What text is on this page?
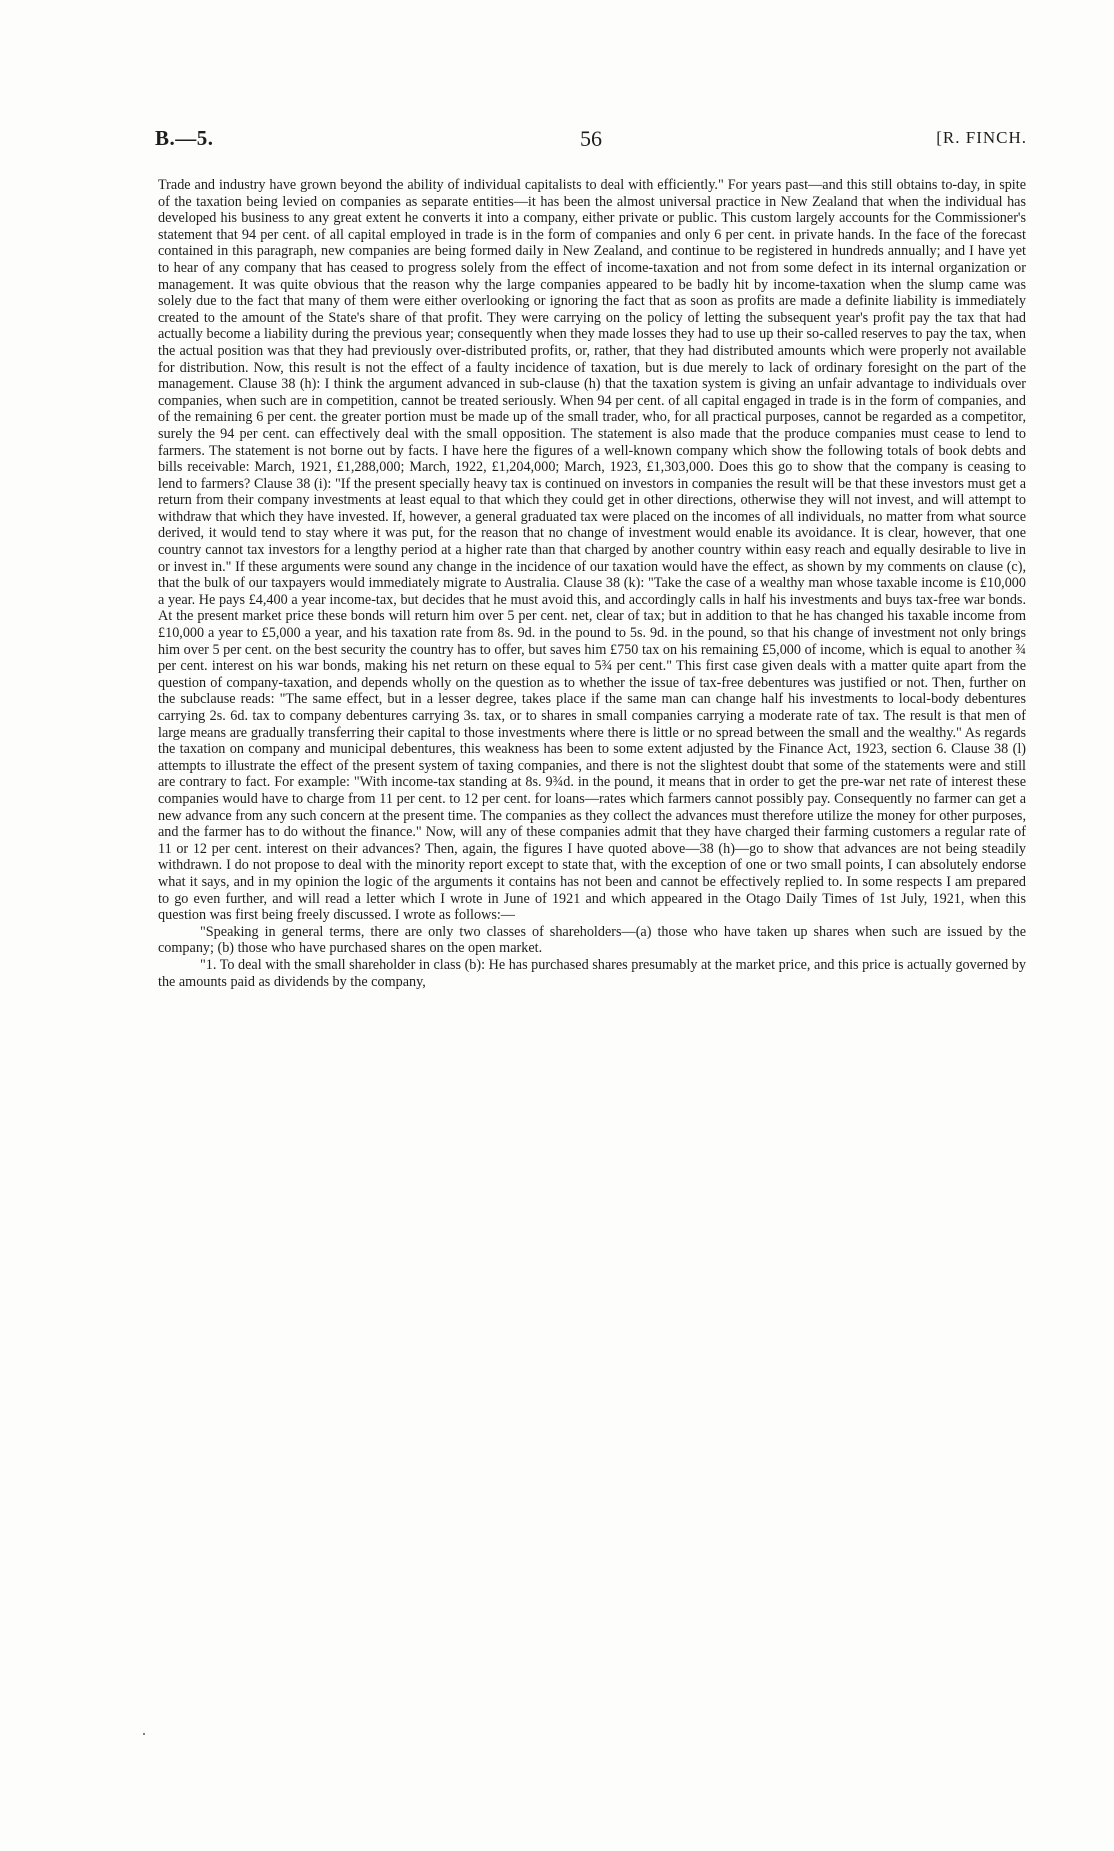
56
B.—5.	[R. FINCH.

Trade and industry have grown beyond the ability of individual capitalists to deal with efficiently." For years past—and this still obtains to-day, in spite of the taxation being levied on companies as separate entities—it has been the almost universal practice in New Zealand that when the individual has developed his business to any great extent he converts it into a company, either private or public. This custom largely accounts for the Commissioner's statement that 94 per cent. of all capital employed in trade is in the form of companies and only 6 per cent. in private hands. In the face of the forecast contained in this paragraph, new companies are being formed daily in New Zealand, and continue to be registered in hundreds annually; and I have yet to hear of any company that has ceased to progress solely from the effect of income-taxation and not from some defect in its internal organization or management. It was quite obvious that the reason why the large companies appeared to be badly hit by income-taxation when the slump came was solely due to the fact that many of them were either overlooking or ignoring the fact that as soon as profits are made a definite liability is immediately created to the amount of the State's share of that profit. They were carrying on the policy of letting the subsequent year's profit pay the tax that had actually become a liability during the previous year; consequently when they made losses they had to use up their so-called reserves to pay the tax, when the actual position was that they had previously over-distributed profits, or, rather, that they had distributed amounts which were properly not available for distribution. Now, this result is not the effect of a faulty incidence of taxation, but is due merely to lack of ordinary foresight on the part of the management. Clause 38 (h): I think the argument advanced in sub-clause (h) that the taxation system is giving an unfair advantage to individuals over companies, when such are in competition, cannot be treated seriously. When 94 per cent. of all capital engaged in trade is in the form of companies, and of the remaining 6 per cent. the greater portion must be made up of the small trader, who, for all practical purposes, cannot be regarded as a competitor, surely the 94 per cent. can effectively deal with the small opposition. The statement is also made that the produce companies must cease to lend to farmers. The statement is not borne out by facts. I have here the figures of a well-known company which show the following totals of book debts and bills receivable: March, 1921, £1,288,000; March, 1922, £1,204,000; March, 1923, £1,303,000. Does this go to show that the company is ceasing to lend to farmers? Clause 38 (i): "If the present specially heavy tax is continued on investors in companies the result will be that these investors must get a return from their company investments at least equal to that which they could get in other directions, otherwise they will not invest, and will attempt to withdraw that which they have invested. If, however, a general graduated tax were placed on the incomes of all individuals, no matter from what source derived, it would tend to stay where it was put, for the reason that no change of investment would enable its avoidance. It is clear, however, that one country cannot tax investors for a lengthy period at a higher rate than that charged by another country within easy reach and equally desirable to live in or invest in." If these arguments were sound any change in the incidence of our taxation would have the effect, as shown by my comments on clause (c), that the bulk of our taxpayers would immediately migrate to Australia. Clause 38 (k): "Take the case of a wealthy man whose taxable income is £10,000 a year. He pays £4,400 a year income-tax, but decides that he must avoid this, and accordingly calls in half his investments and buys tax-free war bonds. At the present market price these bonds will return him over 5 per cent. net, clear of tax; but in addition to that he has changed his taxable income from £10,000 a year to £5,000 a year, and his taxation rate from 8s. 9d. in the pound to 5s. 9d. in the pound, so that his change of investment not only brings him over 5 per cent. on the best security the country has to offer, but saves him £750 tax on his remaining £5,000 of income, which is equal to another ¾ per cent. interest on his war bonds, making his net return on these equal to 5¾ per cent." This first case given deals with a matter quite apart from the question of company-taxation, and depends wholly on the question as to whether the issue of tax-free debentures was justified or not. Then, further on the subclause reads: "The same effect, but in a lesser degree, takes place if the same man can change half his investments to local-body debentures carrying 2s. 6d. tax to company debentures carrying 3s. tax, or to shares in small companies carrying a moderate rate of tax. The result is that men of large means are gradually transferring their capital to those investments where there is little or no spread between the small and the wealthy." As regards the taxation on company and municipal debentures, this weakness has been to some extent adjusted by the Finance Act, 1923, section 6. Clause 38 (l) attempts to illustrate the effect of the present system of taxing companies, and there is not the slightest doubt that some of the statements were and still are contrary to fact. For example: "With income-tax standing at 8s. 9¾d. in the pound, it means that in order to get the pre-war net rate of interest these companies would have to charge from 11 per cent. to 12 per cent. for loans—rates which farmers cannot possibly pay. Consequently no farmer can get a new advance from any such concern at the present time. The companies as they collect the advances must therefore utilize the money for other purposes, and the farmer has to do without the finance." Now, will any of these companies admit that they have charged their farming customers a regular rate of 11 or 12 per cent. interest on their advances? Then, again, the figures I have quoted above—38 (h)—go to show that advances are not being steadily withdrawn. I do not propose to deal with the minority report except to state that, with the exception of one or two small points, I can absolutely endorse what it says, and in my opinion the logic of the arguments it contains has not been and cannot be effectively replied to. In some respects I am prepared to go even further, and will read a letter which I wrote in June of 1921 and which appeared in the Otago Daily Times of 1st July, 1921, when this question was first being freely discussed. I wrote as follows:—

"Speaking in general terms, there are only two classes of shareholders—(a) those who have taken up shares when such are issued by the company; (b) those who have purchased shares on the open market.

"1. To deal with the small shareholder in class (b): He has purchased shares presumably at the market price, and this price is actually governed by the amounts paid as dividends by the company,
